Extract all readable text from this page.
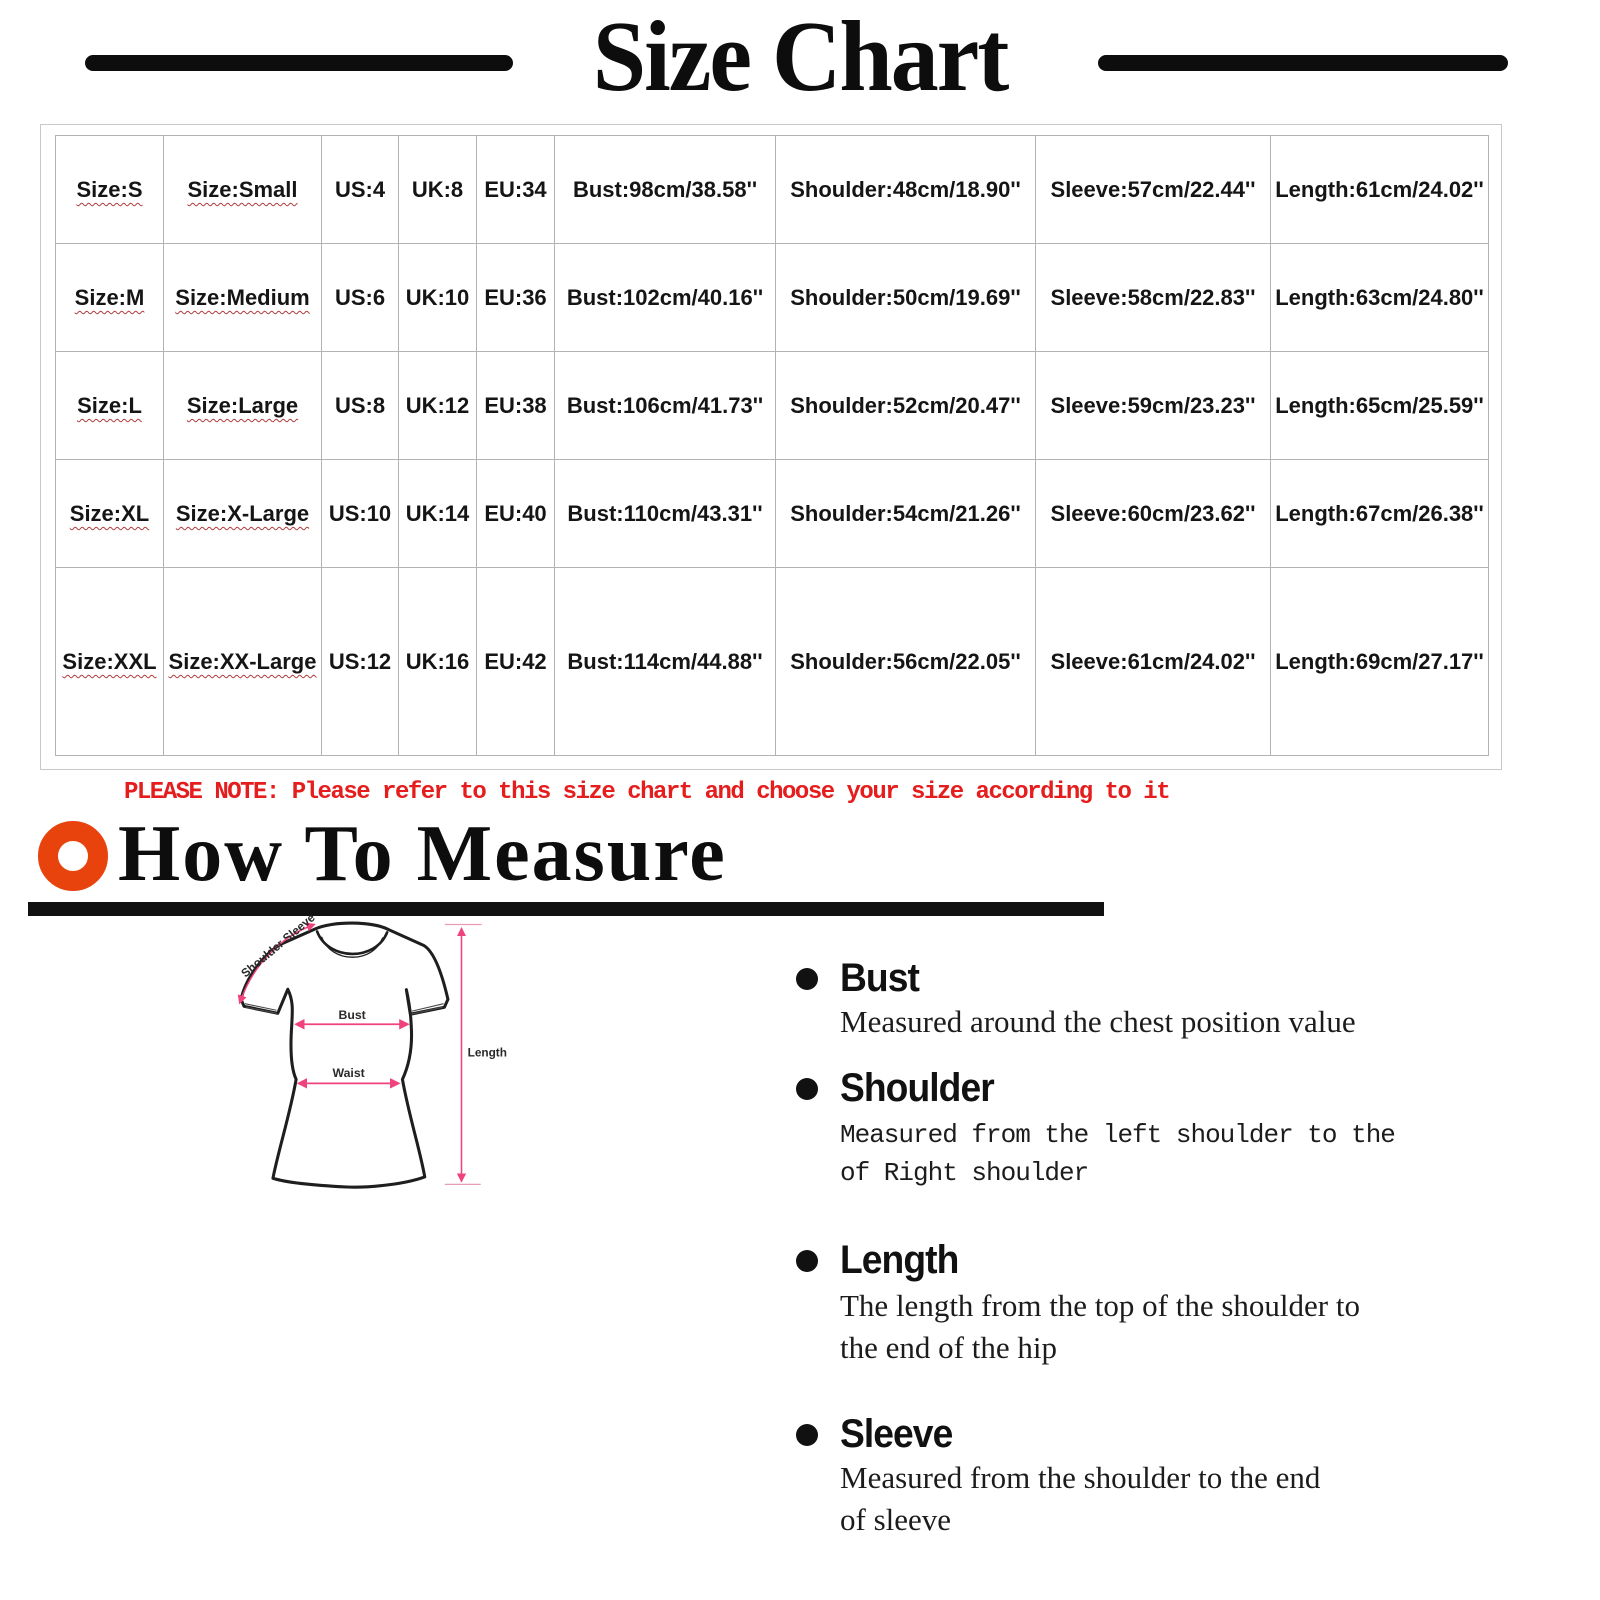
Size Chart
Size:S	Size:Small	US:4	UK:8	EU:34	Bust:98cm/38.58''	Shoulder:48cm/18.90''	Sleeve:57cm/22.44''	Length:61cm/24.02''
Size:M	Size:Medium	US:6	UK:10	EU:36	Bust:102cm/40.16''	Shoulder:50cm/19.69''	Sleeve:58cm/22.83''	Length:63cm/24.80''
Size:L	Size:Large	US:8	UK:12	EU:38	Bust:106cm/41.73''	Shoulder:52cm/20.47''	Sleeve:59cm/23.23''	Length:65cm/25.59''
Size:XL	Size:X-Large	US:10	UK:14	EU:40	Bust:110cm/43.31''	Shoulder:54cm/21.26''	Sleeve:60cm/23.62''	Length:67cm/26.38''
Size:XXL	Size:XX-Large	US:12	UK:16	EU:42	Bust:114cm/44.88''	Shoulder:56cm/22.05''	Sleeve:61cm/24.02''	Length:69cm/27.17''
PLEASE NOTE: Please refer to this size chart and choose your size according to it
How To Measure
Shoulder Sleeve
Bust
Waist
Length
Bust
Measured around the chest position value
Shoulder
Measured from the left shoulder to the
of Right shoulder
Length
The length from the top of the shoulder to
the end of the hip
Sleeve
Measured from the shoulder to the end
of sleeve
